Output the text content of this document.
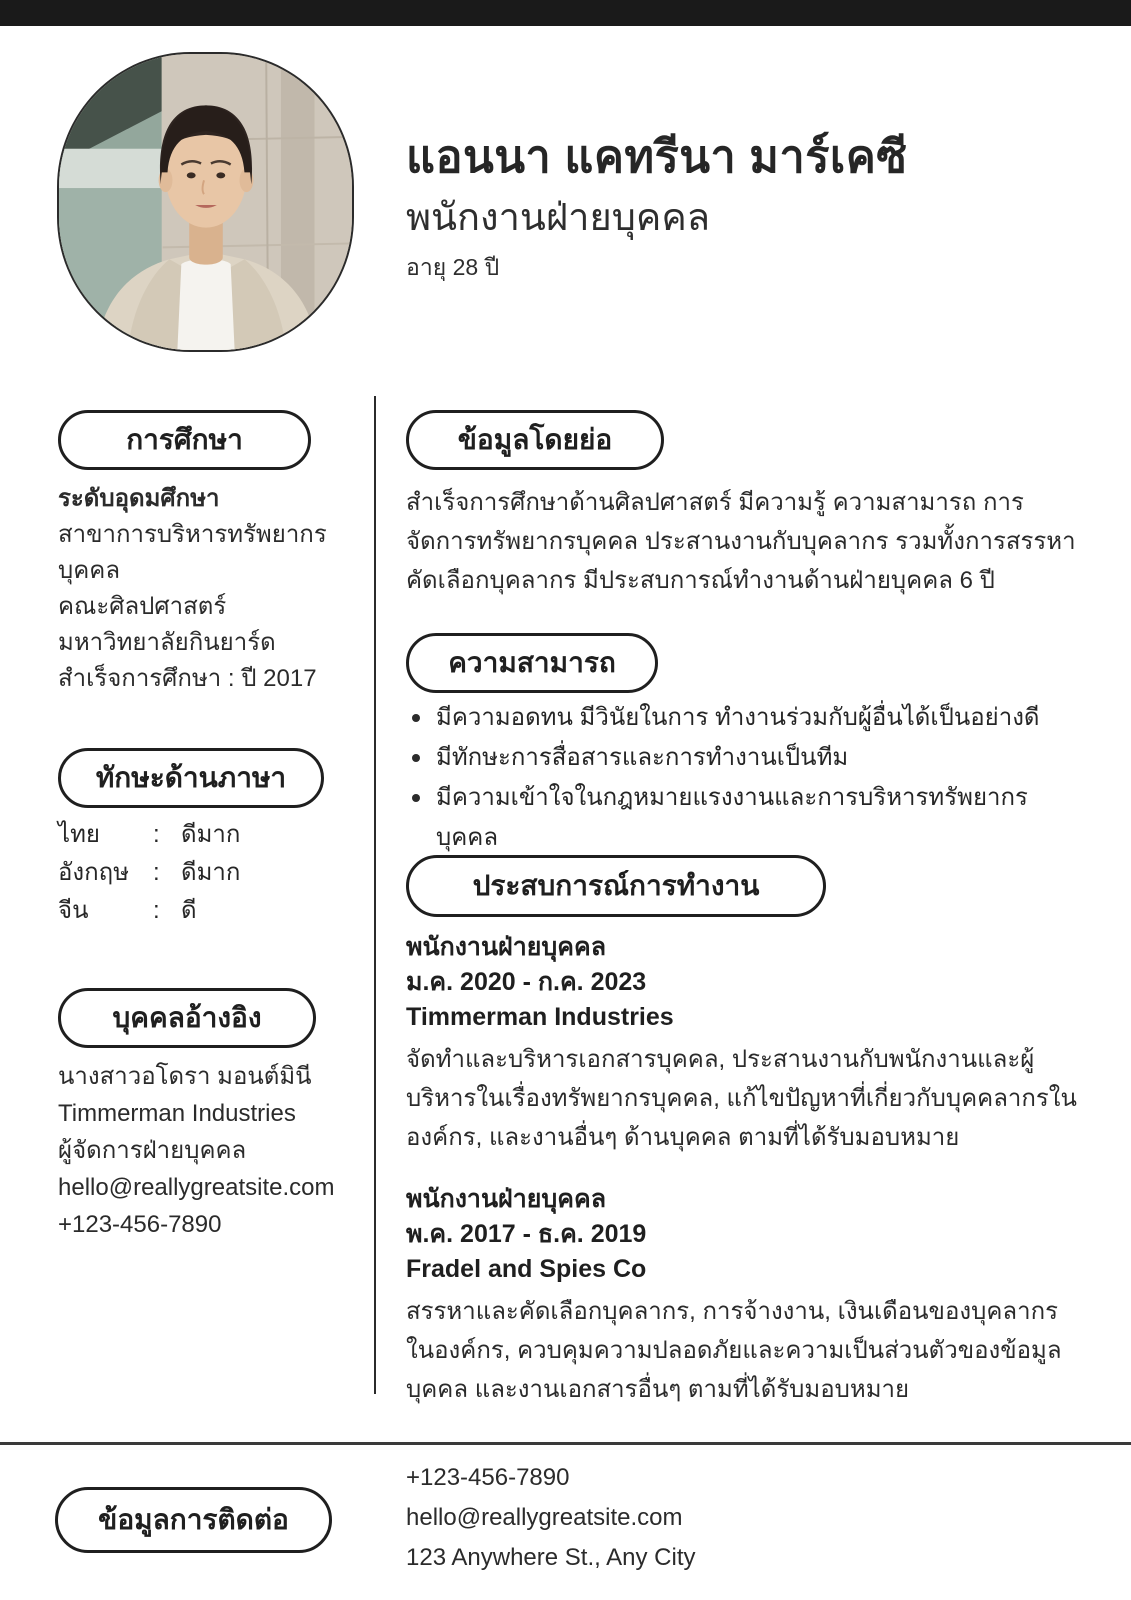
แอนนา แคทรีนา มาร์เคซี
พนักงานฝ่ายบุคคล
อายุ 28 ปี
การศึกษา
ระดับอุดมศึกษา
สาขาการบริหารทรัพยากรบุคคล
คณะศิลปศาสตร์
มหาวิทยาลัยกินยาร์ด
สำเร็จการศึกษา : ปี 2017
ทักษะด้านภาษา
ไทย	: ดีมาก
อังกฤษ : ดีมาก
จีน	: ดี
บุคคลอ้างอิง
นางสาวอโดรา มอนต์มินี
Timmerman Industries
ผู้จัดการฝ่ายบุคคล
hello@reallygreatsite.com
+123-456-7890
ข้อมูลโดยย่อ
สำเร็จการศึกษาด้านศิลปศาสตร์ มีความรู้ ความสามารถ การจัดการทรัพยากรบุคคล ประสานงานกับบุคลากร รวมทั้งการสรรหาคัดเลือกบุคลากร มีประสบการณ์ทำงานด้านฝ่ายบุคคล 6 ปี
ความสามารถ
มีความอดทน มีวินัยในการ ทำงานร่วมกับผู้อื่นได้เป็นอย่างดี
มีทักษะการสื่อสารและการทำงานเป็นทีม
มีความเข้าใจในกฎหมายแรงงานและการบริหารทรัพยากรบุคคล
ประสบการณ์การทำงาน
พนักงานฝ่ายบุคคล
ม.ค. 2020 - ก.ค. 2023
Timmerman Industries
จัดทำและบริหารเอกสารบุคคล, ประสานงานกับพนักงานและผู้บริหารในเรื่องทรัพยากรบุคคล, แก้ไขปัญหาที่เกี่ยวกับบุคคลากรในองค์กร, และงานอื่นๆ ด้านบุคคล ตามที่ได้รับมอบหมาย
พนักงานฝ่ายบุคคล
พ.ค. 2017 - ธ.ค. 2019
Fradel and Spies Co
สรรหาและคัดเลือกบุคลากร, การจ้างงาน, เงินเดือนของบุคลากรในองค์กร, ควบคุมความปลอดภัยและความเป็นส่วนตัวของข้อมูลบุคคล และงานเอกสารอื่นๆ ตามที่ได้รับมอบหมาย
ข้อมูลการติดต่อ
+123-456-7890
hello@reallygreatsite.com
123 Anywhere St., Any City
